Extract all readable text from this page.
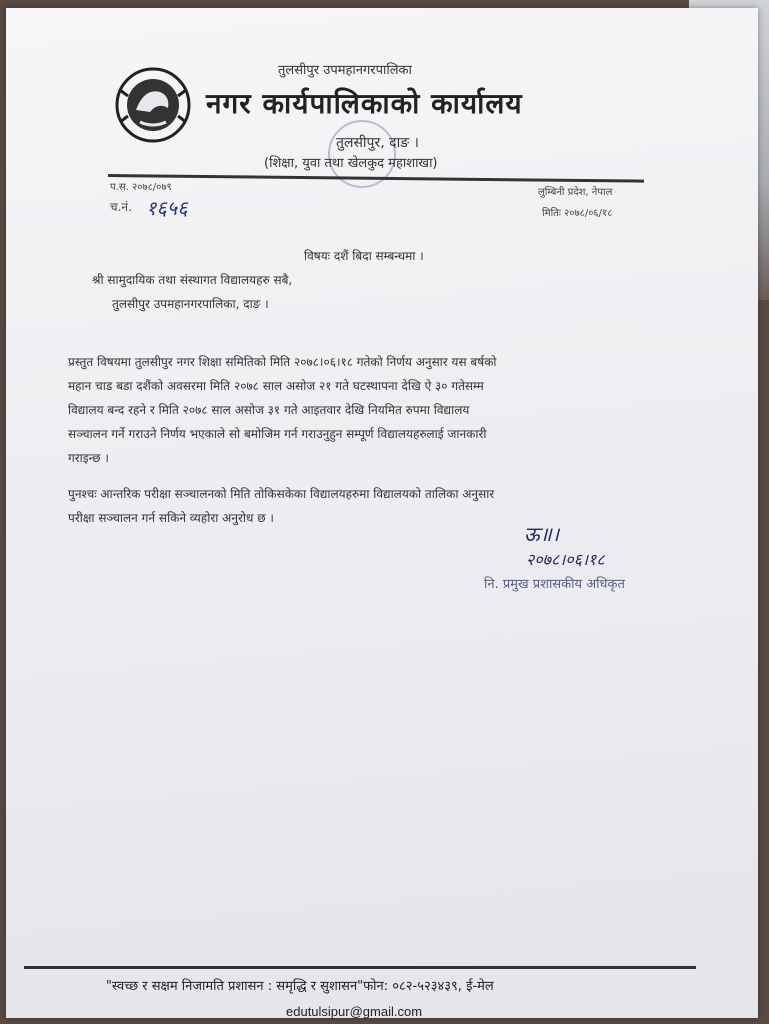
तुलसीपुर उपमहानगरपालिका
नगर कार्यपालिकाको कार्यालय
तुलसीपुर, दाङ ।
(शिक्षा, युवा तथा खेलकुद महाशाखा)
प.स. २०७८/०७९
च.नं. १६५६
लुम्बिनी प्रदेश, नेपाल
मितिः २०७८/०६/१८
विषयः दशैं बिदा सम्बन्धमा ।
श्री सामुदायिक तथा संस्थागत विद्यालयहरु सबै,
तुलसीपुर उपमहानगरपालिका, दाङ ।
प्रस्तुत विषयमा तुलसीपुर नगर शिक्षा समितिको मिति २०७८।०६।१८ गतेको निर्णय अनुसार यस बर्षको
महान चाड बडा दशैंको अवसरमा मिति २०७८ साल असोज २१ गते घटस्थापना देखि ऐ ३० गतेसम्म
विद्यालय बन्द रहने र मिति २०७८ साल असोज ३१ गते आइतवार देखि नियमित रुपमा विद्यालय
सञ्चालन गर्ने गराउने निर्णय भएकाले सो बमोजिम गर्न गराउनुहुन सम्पूर्ण विद्यालयहरुलाई जानकारी
गराइन्छ ।
पुनश्चः आन्तरिक परीक्षा सञ्चालनको मिति तोकिसकेका विद्यालयहरुमा विद्यालयको तालिका अनुसार
परीक्षा सञ्चालन गर्न सकिने व्यहोरा अनुरोध छ ।
ऊ॥।
२०७८।०६।१८
नि. प्रमुख प्रशासकीय अधिकृत
"स्वच्छ र सक्षम निजामति प्रशासन : समृद्धि र सुशासन"फोन: ०८२-५२३४३९, ई-मेल
edutulsipur@gmail.com
